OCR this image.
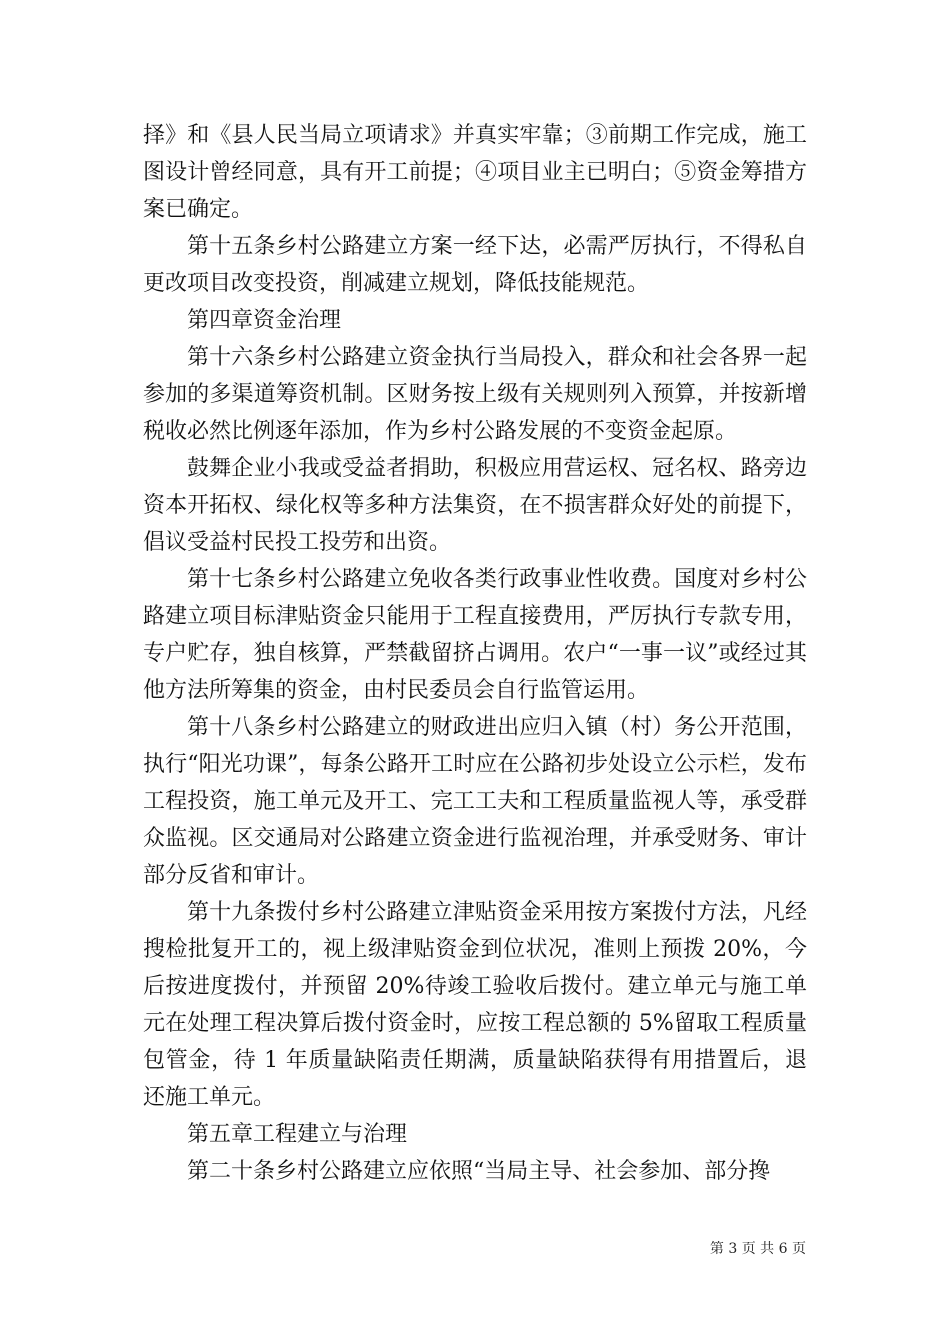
择》和《县人民当局立项请求》并真实牢靠；③前期工作完成，施工图设计曾经同意，具有开工前提；④项目业主已明白；⑤资金筹措方案已确定。

第十五条乡村公路建立方案一经下达，必需严厉执行，不得私自更改项目改变投资，削减建立规划，降低技能规范。

第四章资金治理

第十六条乡村公路建立资金执行当局投入，群众和社会各界一起参加的多渠道筹资机制。区财务按上级有关规则列入预算，并按新增税收必然比例逐年添加，作为乡村公路发展的不变资金起原。

鼓舞企业小我或受益者捐助，积极应用营运权、冠名权、路旁边资本开拓权、绿化权等多种方法集资，在不损害群众好处的前提下，倡议受益村民投工投劳和出资。

第十七条乡村公路建立免收各类行政事业性收费。国度对乡村公路建立项目标津贴资金只能用于工程直接费用，严厉执行专款专用，专户贮存，独自核算，严禁截留挤占调用。农户“一事一议”或经过其他方法所筹集的资金，由村民委员会自行监管运用。

第十八条乡村公路建立的财政进出应归入镇（村）务公开范围，执行“阳光功课”，每条公路开工时应在公路初步处设立公示栏，发布工程投资，施工单元及开工、完工工夫和工程质量监视人等，承受群众监视。区交通局对公路建立资金进行监视治理，并承受财务、审计部分反省和审计。

第十九条拨付乡村公路建立津贴资金采用按方案拨付方法，凡经搜检批复开工的，视上级津贴资金到位状况，准则上预拨 20%，今后按进度拨付，并预留 20%待竣工验收后拨付。建立单元与施工单元在处理工程决算后拨付资金时，应按工程总额的 5%留取工程质量包管金，待 1 年质量缺陷责任期满，质量缺陷获得有用措置后，退还施工单元。

第五章工程建立与治理

第二十条乡村公路建立应依照“当局主导、社会参加、部分搀

第 3 页 共 6 页
